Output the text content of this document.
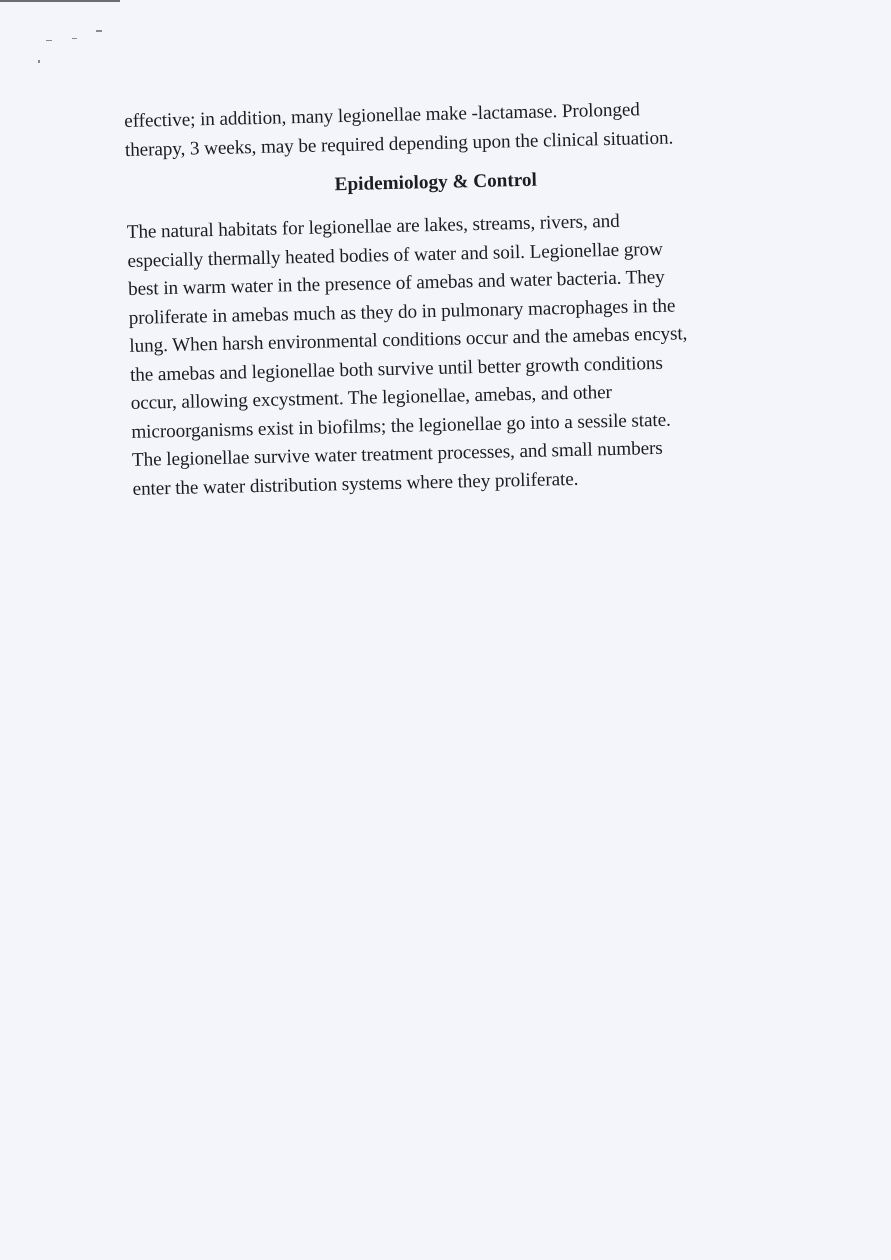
effective; in addition, many legionellae make -lactamase. Prolonged
therapy, 3 weeks, may be required depending upon the clinical situation.

Epidemiology & Control

The natural habitats for legionellae are lakes, streams, rivers, and
especially thermally heated bodies of water and soil. Legionellae grow
best in warm water in the presence of amebas and water bacteria. They
proliferate in amebas much as they do in pulmonary macrophages in the
lung. When harsh environmental conditions occur and the amebas encyst,
the amebas and legionellae both survive until better growth conditions
occur, allowing excystment. The legionellae, amebas, and other
microorganisms exist in biofilms; the legionellae go into a sessile state.
The legionellae survive water treatment processes, and small numbers
enter the water distribution systems where they proliferate.
